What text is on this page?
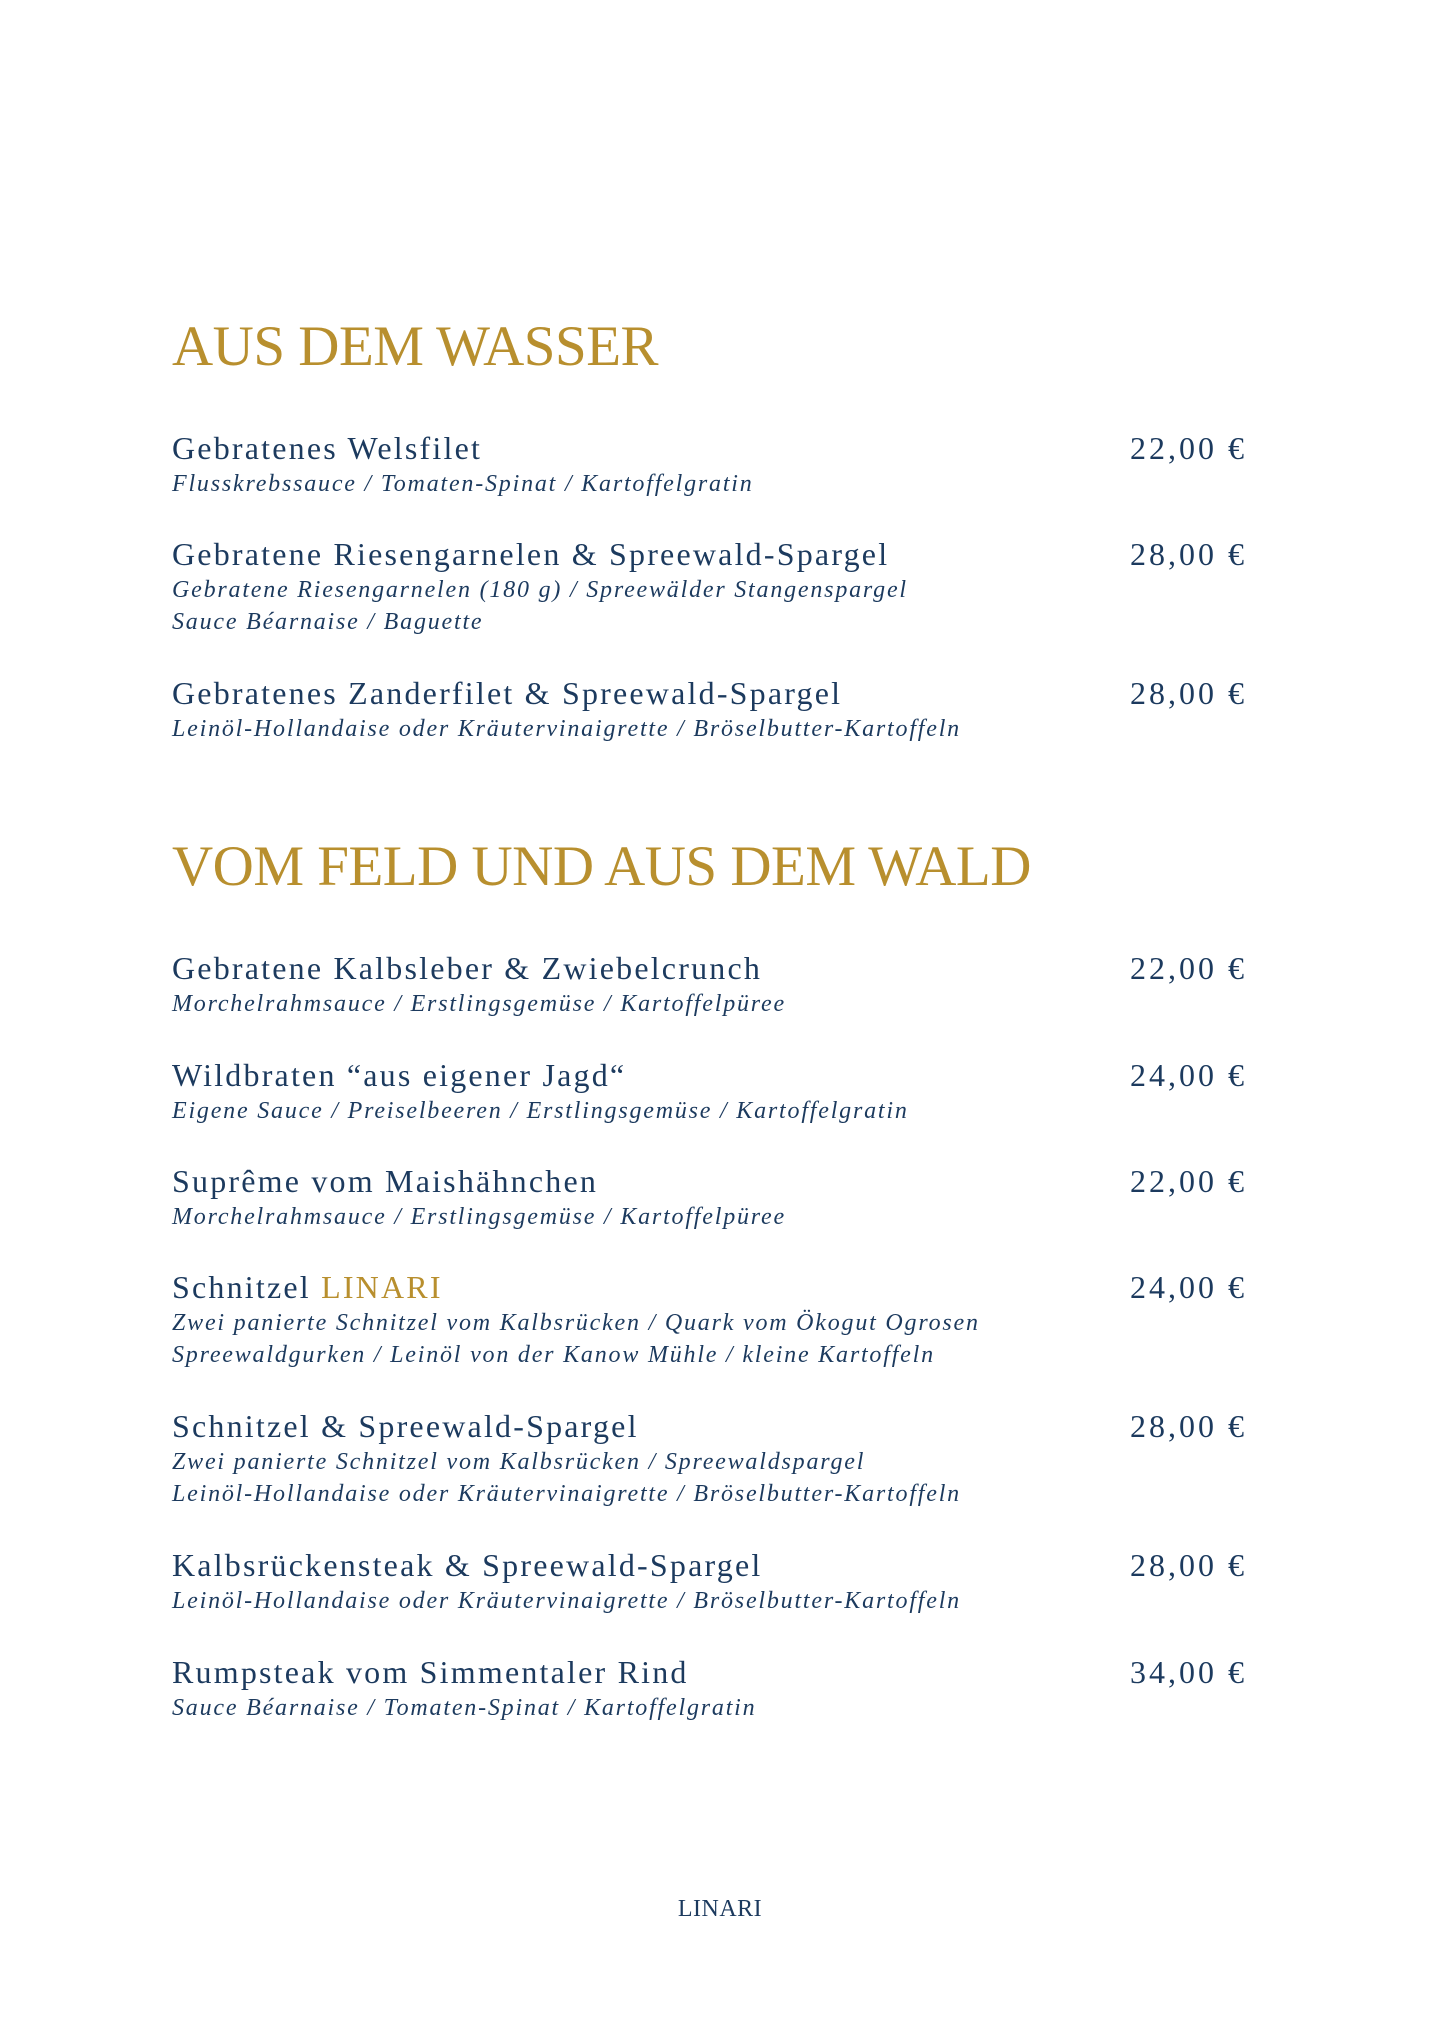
AUS DEM WASSER
Gebratenes Welsfilet	22,00 €
Flusskrebssauce / Tomaten-Spinat / Kartoffelgratin
Gebratene Riesengarnelen & Spreewald-Spargel	28,00 €
Gebratene Riesengarnelen (180 g) / Spreewälder Stangenspargel
Sauce Béarnaise / Baguette
Gebratenes Zanderfilet & Spreewald-Spargel	28,00 €
Leinöl-Hollandaise oder Kräutervinaigrette / Bröselbutter-Kartoffeln
VOM FELD UND AUS DEM WALD
Gebratene Kalbsleber & Zwiebelcrunch	22,00 €
Morchelrahmsauce / Erstlingsgemüse / Kartoffelpüree
Wildbraten “aus eigener Jagd“	24,00 €
Eigene Sauce / Preiselbeeren / Erstlingsgemüse / Kartoffelgratin
Suprême vom Maishähnchen	22,00 €
Morchelrahmsauce / Erstlingsgemüse / Kartoffelpüree
Schnitzel LINARI	24,00 €
Zwei panierte Schnitzel vom Kalbsrücken / Quark vom Ökogut Ogrosen
Spreewaldgurken / Leinöl von der Kanow Mühle / kleine Kartoffeln
Schnitzel & Spreewald-Spargel	28,00 €
Zwei panierte Schnitzel vom Kalbsrücken / Spreewaldspargel
Leinöl-Hollandaise oder Kräutervinaigrette / Bröselbutter-Kartoffeln
Kalbsrückensteak & Spreewald-Spargel	28,00 €
Leinöl-Hollandaise oder Kräutervinaigrette / Bröselbutter-Kartoffeln
Rumpsteak vom Simmentaler Rind	34,00 €
Sauce Béarnaise / Tomaten-Spinat / Kartoffelgratin
LINARI
